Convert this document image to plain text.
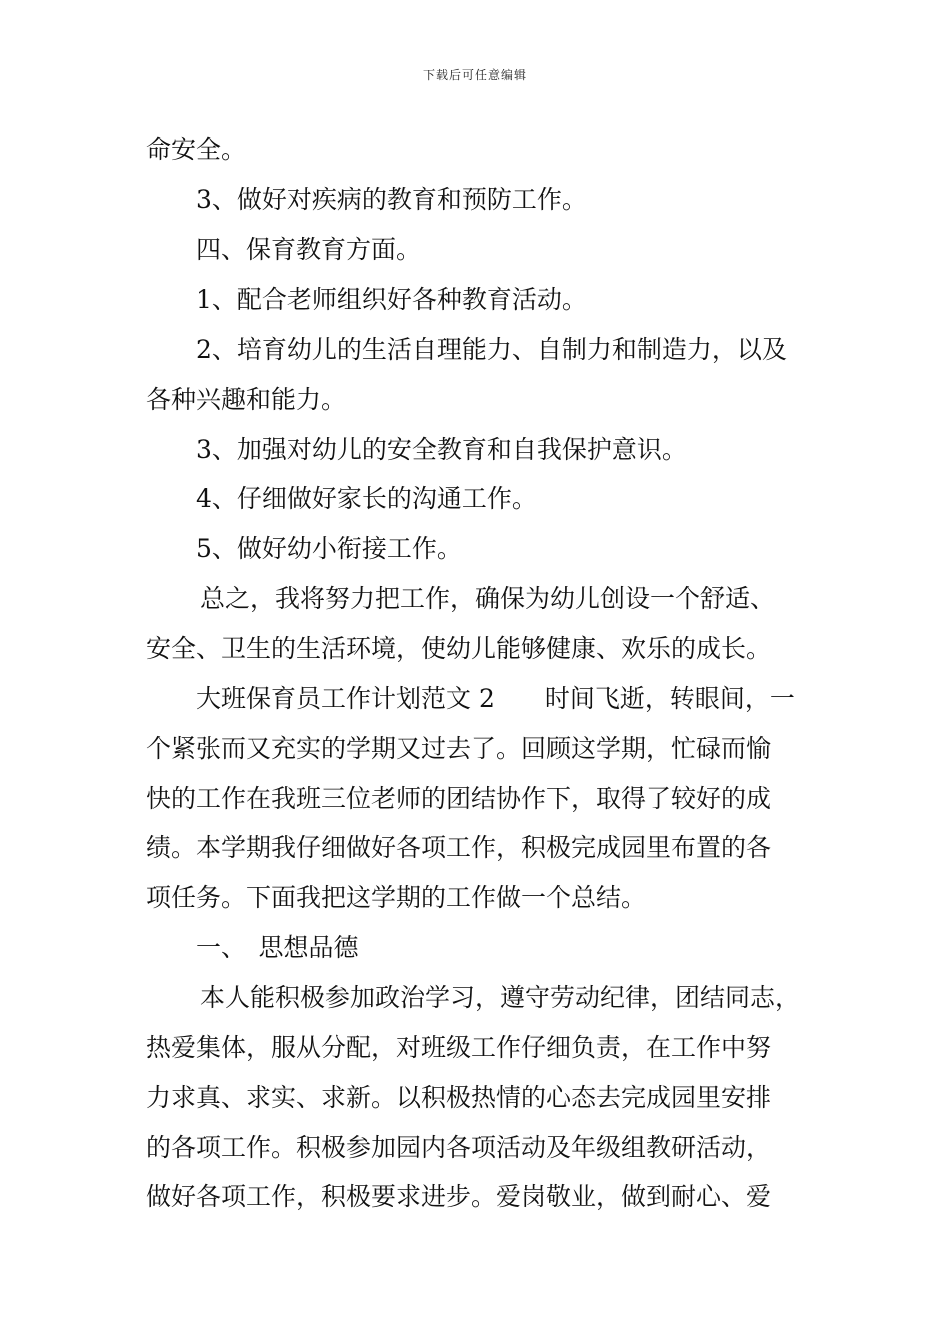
下载后可任意编辑
命安全。
3、做好对疾病的教育和预防工作。
四、保育教育方面。
1、配合老师组织好各种教育活动。
2、培育幼儿的生活自理能力、自制力和制造力，以及
各种兴趣和能力。
3、加强对幼儿的安全教育和自我保护意识。
4、仔细做好家长的沟通工作。
5、做好幼小衔接工作。
总之，我将努力把工作，确保为幼儿创设一个舒适、
安全、卫生的生活环境，使幼儿能够健康、欢乐的成长。
大班保育员工作计划范文 2　　时间飞逝，转眼间，一
个紧张而又充实的学期又过去了。回顾这学期，忙碌而愉
快的工作在我班三位老师的团结协作下，取得了较好的成
绩。本学期我仔细做好各项工作，积极完成园里布置的各
项任务。下面我把这学期的工作做一个总结。
一、　思想品德
本人能积极参加政治学习，遵守劳动纪律，团结同志，
热爱集体，服从分配，对班级工作仔细负责，在工作中努
力求真、求实、求新。以积极热情的心态去完成园里安排
的各项工作。积极参加园内各项活动及年级组教研活动，
做好各项工作，积极要求进步。爱岗敬业，做到耐心、爱
